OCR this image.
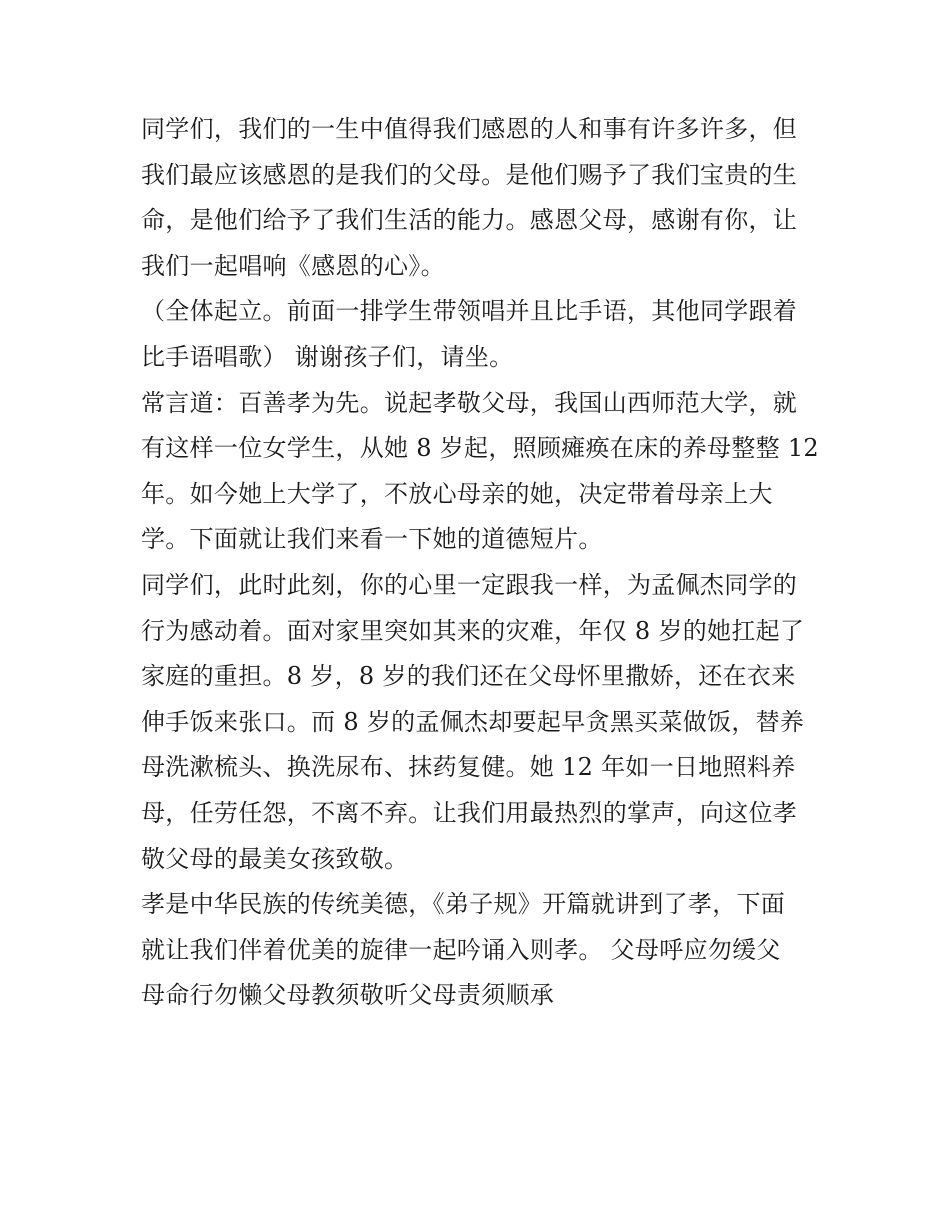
同学们，我们的一生中值得我们感恩的人和事有许多许多，但
我们最应该感恩的是我们的父母。是他们赐予了我们宝贵的生
命，是他们给予了我们生活的能力。感恩父母，感谢有你，让
我们一起唱响《感恩的心》。
（全体起立。前面一排学生带领唱并且比手语，其他同学跟着
比手语唱歌） 谢谢孩子们，请坐。
常言道：百善孝为先。说起孝敬父母，我国山西师范大学，就
有这样一位女学生，从她 8 岁起，照顾瘫痪在床的养母整整 12
年。如今她上大学了，不放心母亲的她，决定带着母亲上大
学。下面就让我们来看一下她的道德短片。
同学们，此时此刻，你的心里一定跟我一样，为孟佩杰同学的
行为感动着。面对家里突如其来的灾难，年仅 8 岁的她扛起了
家庭的重担。8 岁，8 岁的我们还在父母怀里撒娇，还在衣来
伸手饭来张口。而 8 岁的孟佩杰却要起早贪黑买菜做饭，替养
母洗漱梳头、换洗尿布、抹药复健。她 12 年如一日地照料养
母，任劳任怨，不离不弃。让我们用最热烈的掌声，向这位孝
敬父母的最美女孩致敬。
孝是中华民族的传统美德，《弟子规》开篇就讲到了孝，下面
就让我们伴着优美的旋律一起吟诵入则孝。 父母呼应勿缓父
母命行勿懒父母教须敬听父母责须顺承
